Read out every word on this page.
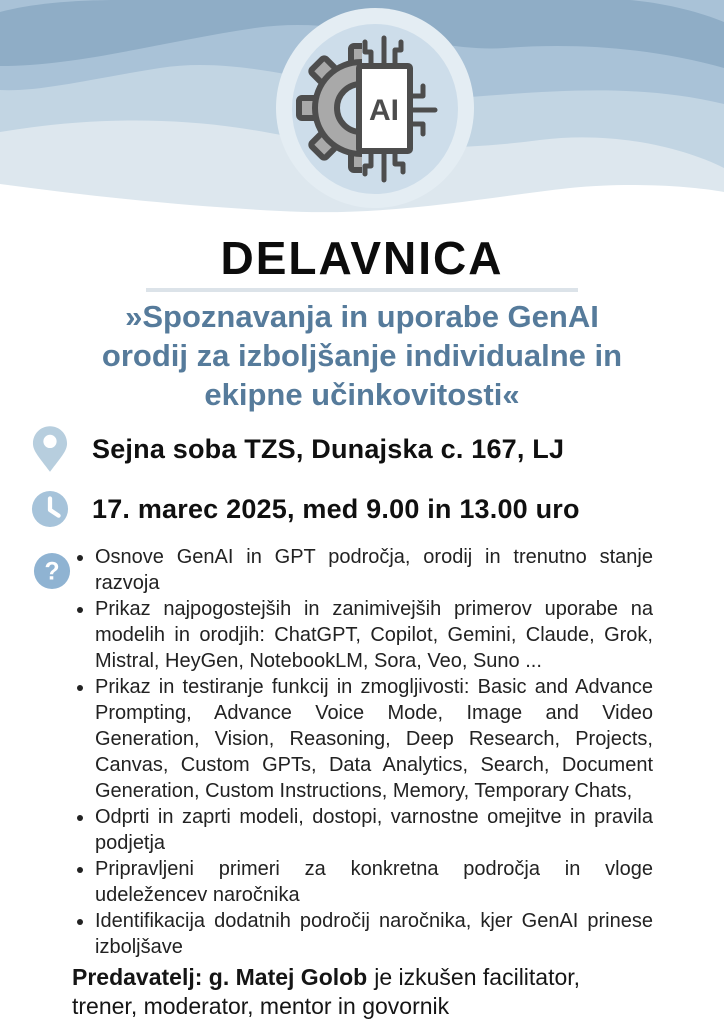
AI
DELAVNICA
»Spoznavanja in uporabe GenAI
orodij za izboljšanje individualne in
ekipne učinkovitosti«
Sejna soba TZS, Dunajska c. 167, LJ
17. marec 2025, med 9.00 in 13.00 uro
?
• Osnove GenAI in GPT področja, orodij in trenutno stanje razvoja
• Prikaz najpogostejših in zanimivejših primerov uporabe na modelih in orodjih: ChatGPT, Copilot, Gemini, Claude, Grok, Mistral, HeyGen, NotebookLM, Sora, Veo, Suno ...
• Prikaz in testiranje funkcij in zmogljivosti: Basic and Advance Prompting, Advance Voice Mode, Image and Video Generation, Vision, Reasoning, Deep Research, Projects, Canvas, Custom GPTs, Data Analytics, Search, Document Generation, Custom Instructions, Memory, Temporary Chats,
• Odprti in zaprti modeli, dostopi, varnostne omejitve in pravila podjetja
• Pripravljeni primeri za konkretna področja in vloge udeležencev naročnika
• Identifikacija dodatnih področij naročnika, kjer GenAI prinese izboljšave

Predavatelj: g. Matej Golob je izkušen facilitator, trener, moderator, mentor in govornik
